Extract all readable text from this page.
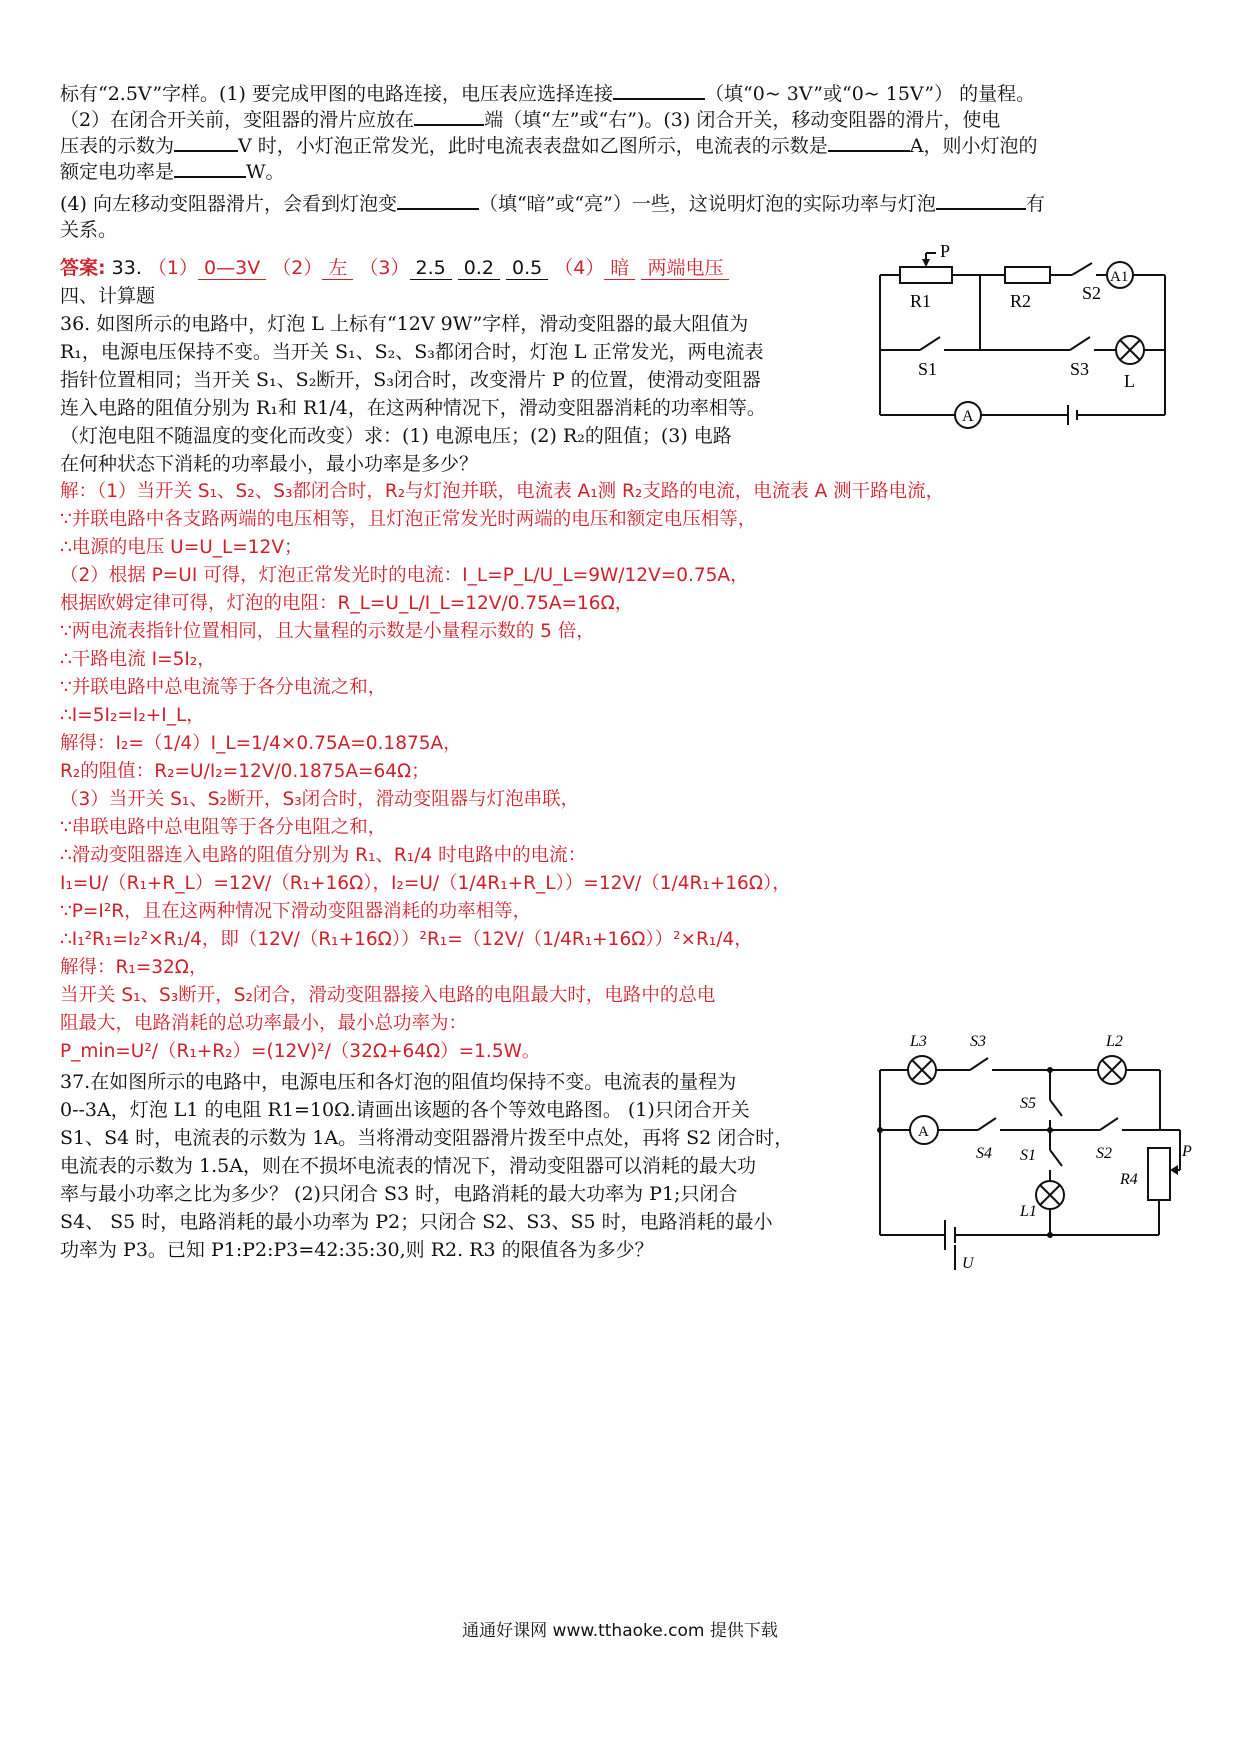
标有“2.5V”字样。(1) 要完成甲图的电路连接，电压表应选择连接	（填“0~ 3V”或“0~ 15V”） 的量程。
（2）在闭合开关前，变阻器的滑片应放在	端（填“左”或“右”)。(3) 闭合开关，移动变阻器的滑片，使电
压表的示数为	V 时，小灯泡正常发光，此时电流表表盘如乙图所示，电流表的示数是	A，则小灯泡的
额定电功率是	W。
(4) 向左移动变阻器滑片，会看到灯泡变	（填“暗”或“亮”）一些，这说明灯泡的实际功率与灯泡	有
关系。
答案: 33. （1） 0—3V （2） 左 （3） 2.5 0.2 0.5 （4） 暗 两端电压
四、计算题
36. 如图所示的电路中，灯泡 L 上标有“12V 9W”字样，滑动变阻器的最大阻值为
R₁，电源电压保持不变。当开关 S₁、S₂、S₃都闭合时，灯泡 L 正常发光，两电流表
指针位置相同；当开关 S₁、S₂断开，S₃闭合时，改变滑片 P 的位置，使滑动变阻器
连入电路的阻值分别为 R₁和 R1/4，在这两种情况下，滑动变阻器消耗的功率相等。
（灯泡电阻不随温度的变化而改变）求：(1) 电源电压；(2) R₂的阻值；(3) 电路
在何种状态下消耗的功率最小，最小功率是多少？
解：（1）当开关 S₁、S₂、S₃都闭合时，R₂与灯泡并联，电流表 A₁测 R₂支路的电流，电流表 A 测干路电流，
∵并联电路中各支路两端的电压相等，且灯泡正常发光时两端的电压和额定电压相等，
∴电源的电压 U=U_L=12V；
（2）根据 P=UI 可得，灯泡正常发光时的电流：I_L=P_L/U_L=9W/12V=0.75A，
根据欧姆定律可得，灯泡的电阻：R_L=U_L/I_L=12V/0.75A=16Ω，
∵两电流表指针位置相同，且大量程的示数是小量程示数的 5 倍，
∴干路电流 I=5I₂，
∵并联电路中总电流等于各分电流之和，
∴I=5I₂=I₂+I_L，
解得：I₂=（1/4）I_L=1/4×0.75A=0.1875A，
R₂的阻值：R₂=U/I₂=12V/0.1875A=64Ω；
（3）当开关 S₁、S₂断开，S₃闭合时，滑动变阻器与灯泡串联，
∵串联电路中总电阻等于各分电阻之和，
∴滑动变阻器连入电路的阻值分别为 R₁、R₁/4 时电路中的电流：
I₁=U/（R₁+R_L）=12V/（R₁+16Ω），I₂=U/（1/4R₁+R_L））=12V/（1/4R₁+16Ω），
∵P=I²R，且在这两种情况下滑动变阻器消耗的功率相等，
∴I₁²R₁=I₂²×R₁/4，即（12V/（R₁+16Ω））²R₁=（12V/（1/4R₁+16Ω））²×R₁/4，
解得：R₁=32Ω，
当开关 S₁、S₃断开，S₂闭合，滑动变阻器接入电路的电阻最大时，电路中的总电
阻最大，电路消耗的总功率最小，最小总功率为：
P_min=U²/（R₁+R₂）=(12V)²/（32Ω+64Ω）=1.5W。
37.在如图所示的电路中，电源电压和各灯泡的阻值均保持不变。电流表的量程为
0--3A，灯泡 L1 的电阻 R1=10Ω.请画出该题的各个等效电路图。 (1)只闭合开关
S1、S4 时，电流表的示数为 1A。当将滑动变阻器滑片拨至中点处，再将 S2 闭合时，
电流表的示数为 1.5A，则在不损坏电流表的情况下，滑动变阻器可以消耗的最大功
率与最小功率之比为多少？ (2)只闭合 S3 时，电路消耗的最大功率为 P1;只闭合
S4、 S5 时，电路消耗的最小功率为 P2；只闭合 S2、S3、S5 时，电路消耗的最小
功率为 P3。已知 P1:P2:P3=42:35:30,则 R2. R3 的限值各为多少？
P
R1	R2	S2
A1
S1	S3
L
A
L3	S3	L2
S5
A
S4	S2	P
R4
S1
L1
U
通通好课网 www.tthaoke.com 提供下载
